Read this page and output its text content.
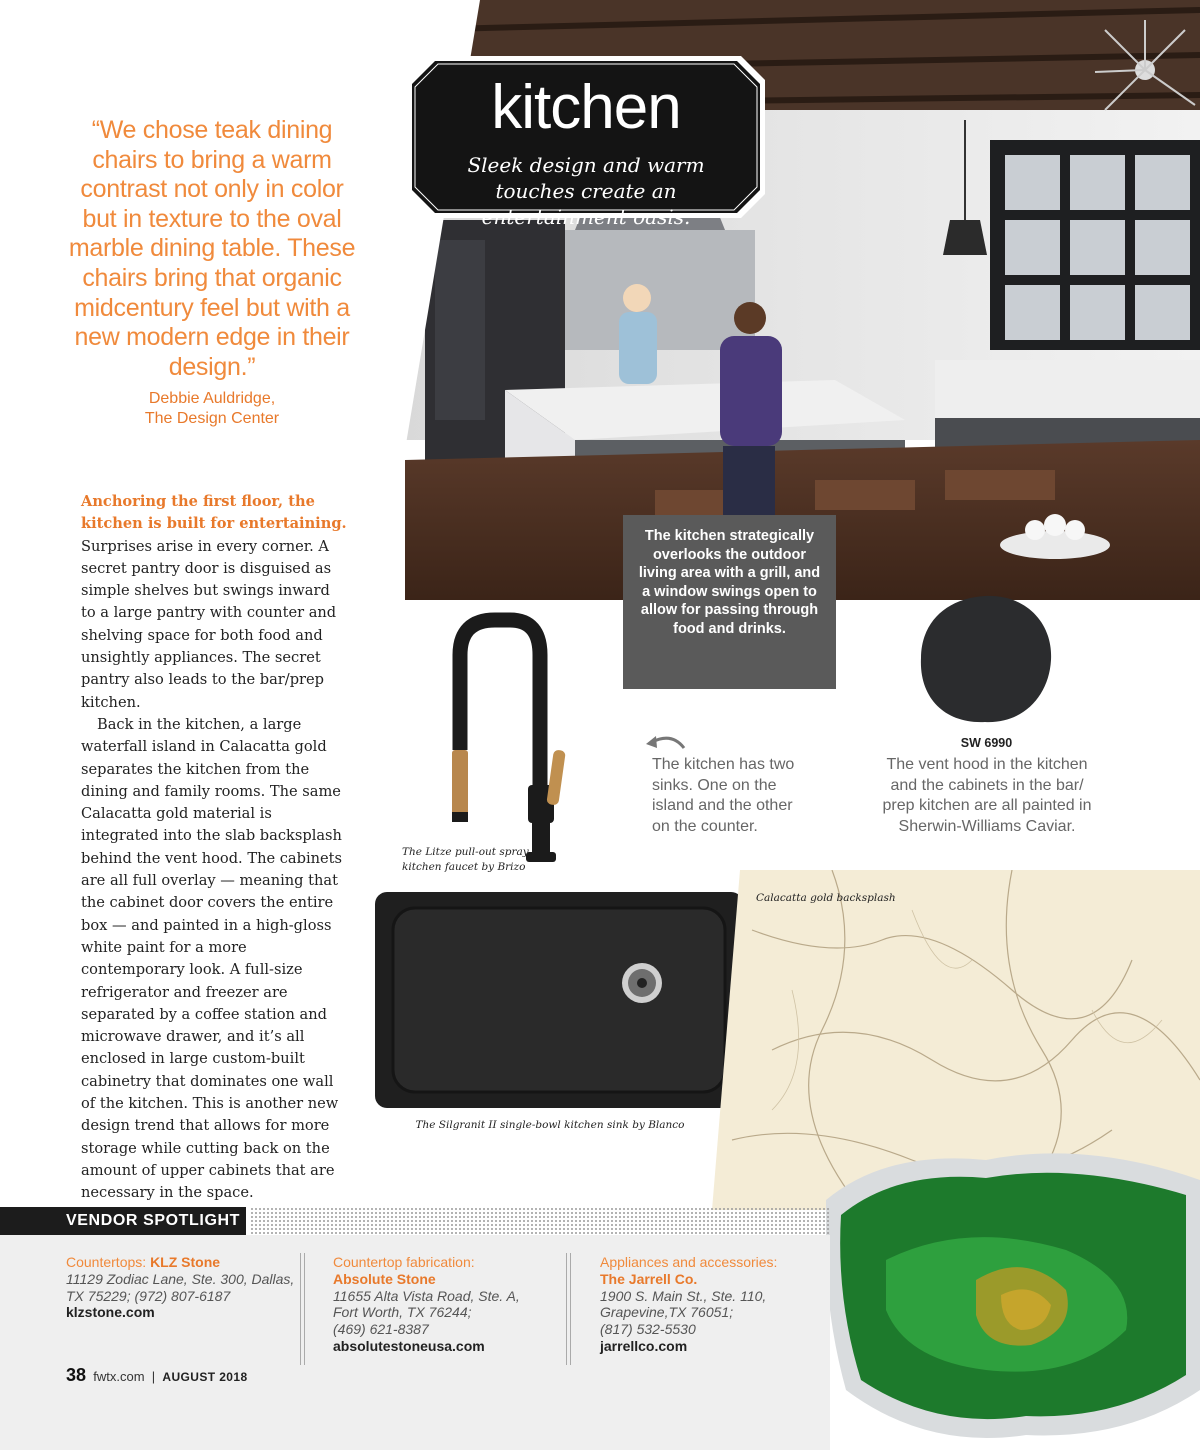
kitchen
Sleek design and warm touches create an entertainment oasis.
“We chose teak dining chairs to bring a warm contrast not only in color but in texture to the oval marble dining table. These chairs bring that organic midcentury feel but with a new modern edge in their design.”
Debbie Auldridge,
The Design Center

Anchoring the first floor, the kitchen is built for entertaining. Surprises arise in every corner. A secret pantry door is disguised as simple shelves but swings inward to a large pantry with counter and shelving space for both food and unsightly appliances. The secret pantry also leads to the bar/prep kitchen.

Back in the kitchen, a large waterfall island in Calacatta gold separates the kitchen from the dining and family rooms. The same Calacatta gold material is integrated into the slab backsplash behind the vent hood. The cabinets are all full overlay — meaning that the cabinet door covers the entire box — and painted in a high-gloss white paint for a more contemporary look. A full-size refrigerator and freezer are separated by a coffee station and microwave drawer, and it’s all enclosed in large custom-built cabinetry that dominates one wall of the kitchen. This is another new design trend that allows for more storage while cutting back on the amount of upper cabinets that are necessary in the space.

The kitchen strategically overlooks the outdoor living area with a grill, and a window swings open to allow for passing through food and drinks.
The Litze pull-out spray kitchen faucet by Brizo
The kitchen has two sinks. One on the island and the other on the counter.
SW 6990
The vent hood in the kitchen and the cabinets in the bar/ prep kitchen are all painted in Sherwin-Williams Caviar.
The Silgranit II single-bowl kitchen sink by Blanco
Calacatta gold backsplash
VENDOR SPOTLIGHT
Countertops: KLZ Stone
11129 Zodiac Lane, Ste. 300, Dallas,
TX 75229; (972) 807-6187
klzstone.com
Countertop fabrication:
Absolute Stone
11655 Alta Vista Road, Ste. A,
Fort Worth, TX 76244;
(469) 621-8387
absolutestoneusa.com
Appliances and accessories:
The Jarrell Co.
1900 S. Main St., Ste. 110,
Grapevine,TX 76051;
(817) 532-5530
jarrellco.com
38 fwtx.com | AUGUST 2018
